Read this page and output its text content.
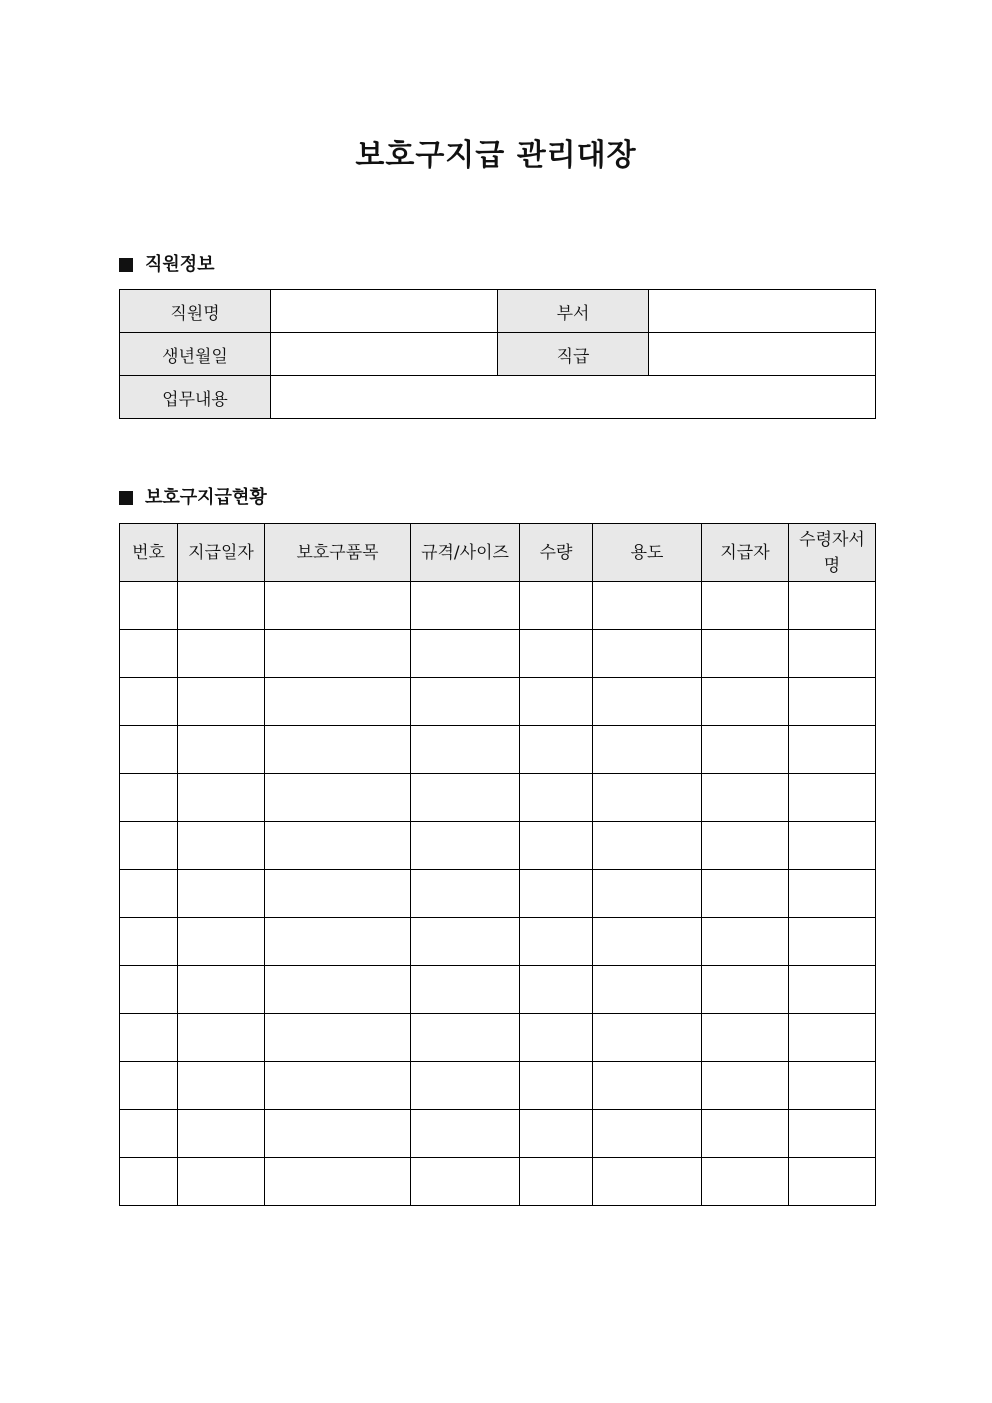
보호구지급 관리대장
직원정보
직원명		부서	
생년월일		직급	
업무내용			
보호구지급현황
번호	지급일자	보호구품목	규격/사이즈	수량	용도	지급자	수령자서명
